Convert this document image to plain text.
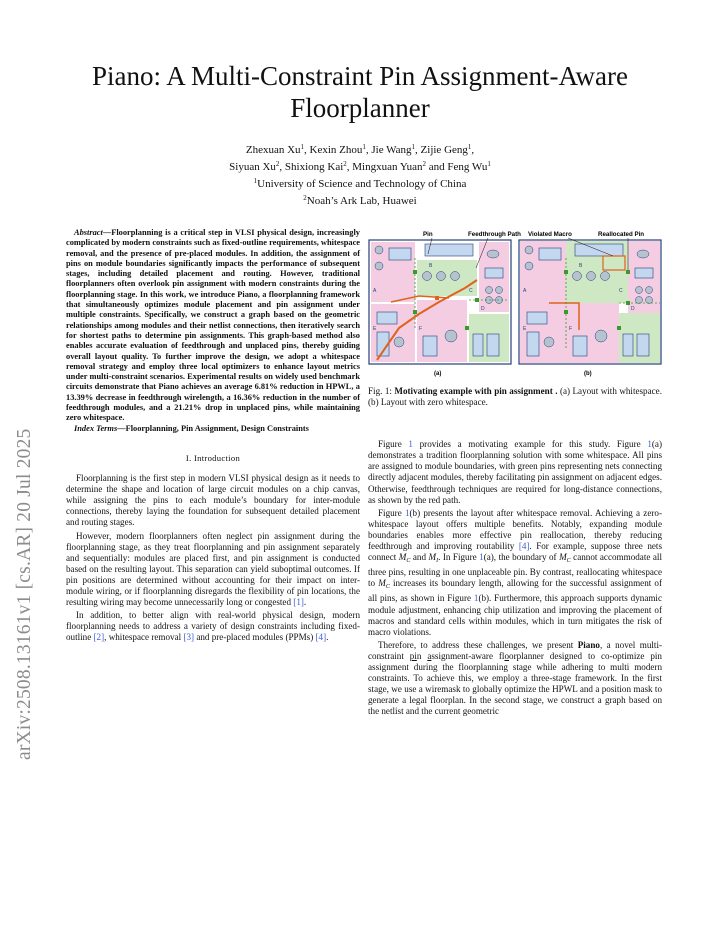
arXiv:2508.13161v1 [cs.AR] 20 Jul 2025
Piano: A Multi-Constraint Pin Assignment-Aware Floorplanner
Zhexuan Xu$^1$, Kexin Zhou$^1$, Jie Wang$^1$, Zijie Geng$^1$,
Siyuan Xu$^2$, Shixiong Kai$^2$, Mingxuan Yuan$^2$ and Feng Wu$^1$
$^1$University of Science and Technology of China
$^2$Noah’s Ark Lab, Huawei

Abstract—Floorplanning is a critical step in VLSI physical design, increasingly complicated by modern constraints such as fixed-outline requirements, whitespace removal, and the presence of pre-placed modules. In addition, the assignment of pins on module boundaries significantly impacts the performance of subsequent stages, including detailed placement and routing. However, traditional floorplanners often overlook pin assignment with modern constraints during the floorplanning stage. In this work, we introduce Piano, a floorplanning framework that simultaneously optimizes module placement and pin assignment under multiple constraints. Specifically, we construct a graph based on the geometric relationships among modules and their netlist connections, then iteratively search for shortest paths to determine pin assignments. This graph-based method also enables accurate evaluation of feedthrough and unplaced pins, thereby guiding overall layout quality. To further improve the design, we adopt a whitespace removal strategy and employ three local optimizers to enhance layout metrics under multi-constraint scenarios. Experimental results on widely used benchmark circuits demonstrate that Piano achieves an average 6.81% reduction in HPWL, a 13.39% decrease in feedthrough wirelength, a 16.36% reduction in the number of feedthrough modules, and a 21.21% drop in unplaced pins, while maintaining zero whitespace.

Index Terms—Floorplanning, Pin Assignment, Design Constraints

I. Introduction

Floorplanning is the first step in modern VLSI physical design as it needs to determine the shape and location of large circuit modules on a chip canvas, while assigning the pins to each module’s boundary for inter-module connections, thereby laying the foundation for subsequent detailed placement and routing stages.

However, modern floorplanners often neglect pin assignment during the floorplanning stage, as they treat floorplanning and pin assignment separately and sequentially: modules are placed first, and pin assignment is conducted based on the resulting layout. This separation can yield suboptimal outcomes. If pin positions are determined without accounting for their impact on inter-module wiring, or if floorplanning disregards the flexibility of pin locations, the resulting wiring may become unnecessarily long or congested [1].

In addition, to better align with real-world physical design, modern floorplanning needs to address a variety of design constraints including fixed-outline [2], whitespace removal [3] and pre-placed modules (PPMs) [4].

A
B
C
D
E	F
Pin	Feedthrough Path
(a)
A
B
C
D
E	F
Violated Macro	Reallocated Pin
(b)

Fig. 1: Motivating example with pin assignment . (a) Layout with whitespace. (b) Layout with zero whitespace.

Figure 1 provides a motivating example for this study. Figure 1(a) demonstrates a tradition floorplanning solution with some whitespace. All pins are assigned to module boundaries, with green pins representing nets connecting directly adjacent modules, thereby facilitating pin assignment on adjacent edges. Otherwise, feedthrough techniques are required for long-distance connections, as shown by the red path.

Figure 1(b) presents the layout after whitespace removal. Achieving a zero-whitespace layout offers multiple benefits. Notably, expanding module boundaries enables more effective pin reallocation, thereby reducing feedthrough and improving routability [4]. For example, suppose three nets connect $M_C$ and $M_I$. In Figure 1(a), the boundary of $M_C$ cannot accommodate all three pins, resulting in one unplaceable pin. By contrast, reallocating whitespace to $M_C$ increases its boundary length, allowing for the successful assignment of all pins, as shown in Figure 1(b). Furthermore, this approach supports dynamic module adjustment, enhancing chip utilization and improving the placement of macros and standard cells within modules, which in turn mitigates the risk of macro violations.

Therefore, to address these challenges, we present Piano, a novel multi-constraint pin assignment-aware floorplanner designed to co-optimize pin assignment during the floorplanning stage while adhering to multi modern constraints. To achieve this, we employ a three-stage framework. In the first stage, we use a wiremask to globally optimize the HPWL and a position mask to generate a legal floorplan. In the second stage, we construct a graph based on the netlist and the current geometric
